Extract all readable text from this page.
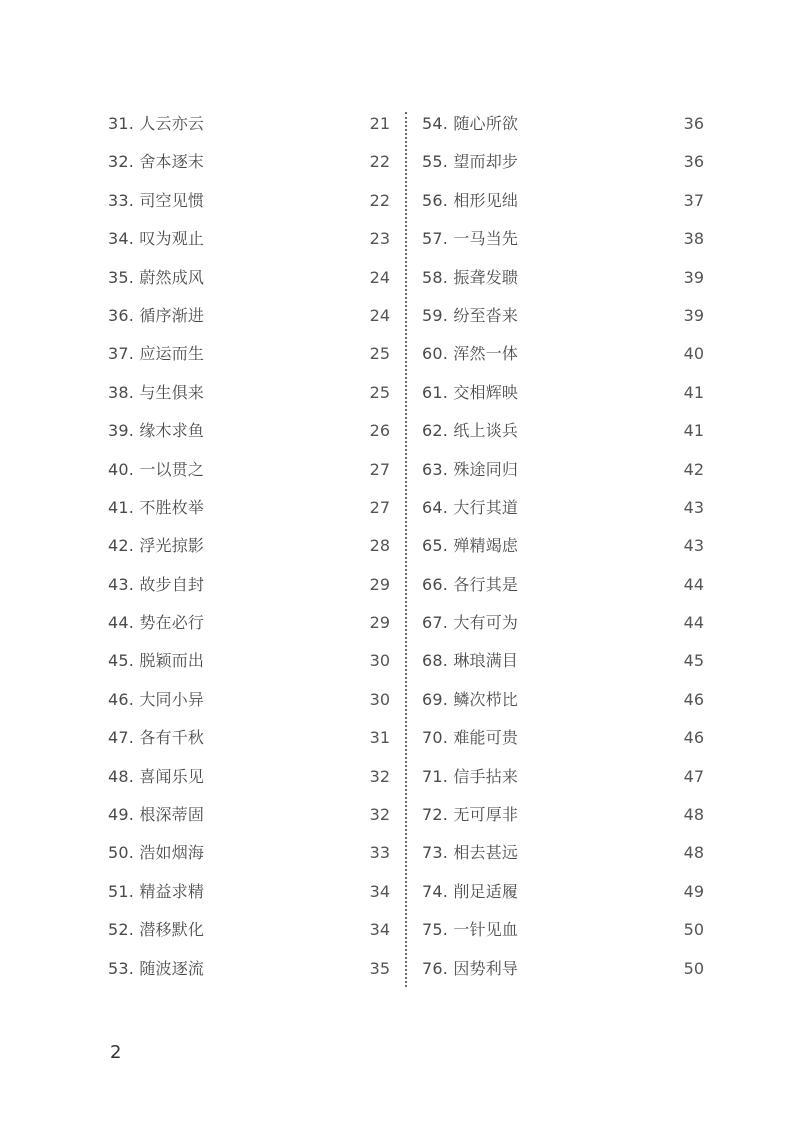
31. 人云亦云	21
32. 舍本逐末	22
33. 司空见惯	22
34. 叹为观止	23
35. 蔚然成风	24
36. 循序渐进	24
37. 应运而生	25
38. 与生俱来	25
39. 缘木求鱼	26
40. 一以贯之	27
41. 不胜枚举	27
42. 浮光掠影	28
43. 故步自封	29
44. 势在必行	29
45. 脱颖而出	30
46. 大同小异	30
47. 各有千秋	31
48. 喜闻乐见	32
49. 根深蒂固	32
50. 浩如烟海	33
51. 精益求精	34
52. 潜移默化	34
53. 随波逐流	35
54. 随心所欲	36
55. 望而却步	36
56. 相形见绌	37
57. 一马当先	38
58. 振聋发聩	39
59. 纷至沓来	39
60. 浑然一体	40
61. 交相辉映	41
62. 纸上谈兵	41
63. 殊途同归	42
64. 大行其道	43
65. 殚精竭虑	43
66. 各行其是	44
67. 大有可为	44
68. 琳琅满目	45
69. 鳞次栉比	46
70. 难能可贵	46
71. 信手拈来	47
72. 无可厚非	48
73. 相去甚远	48
74. 削足适履	49
75. 一针见血	50
76. 因势利导	50
2
